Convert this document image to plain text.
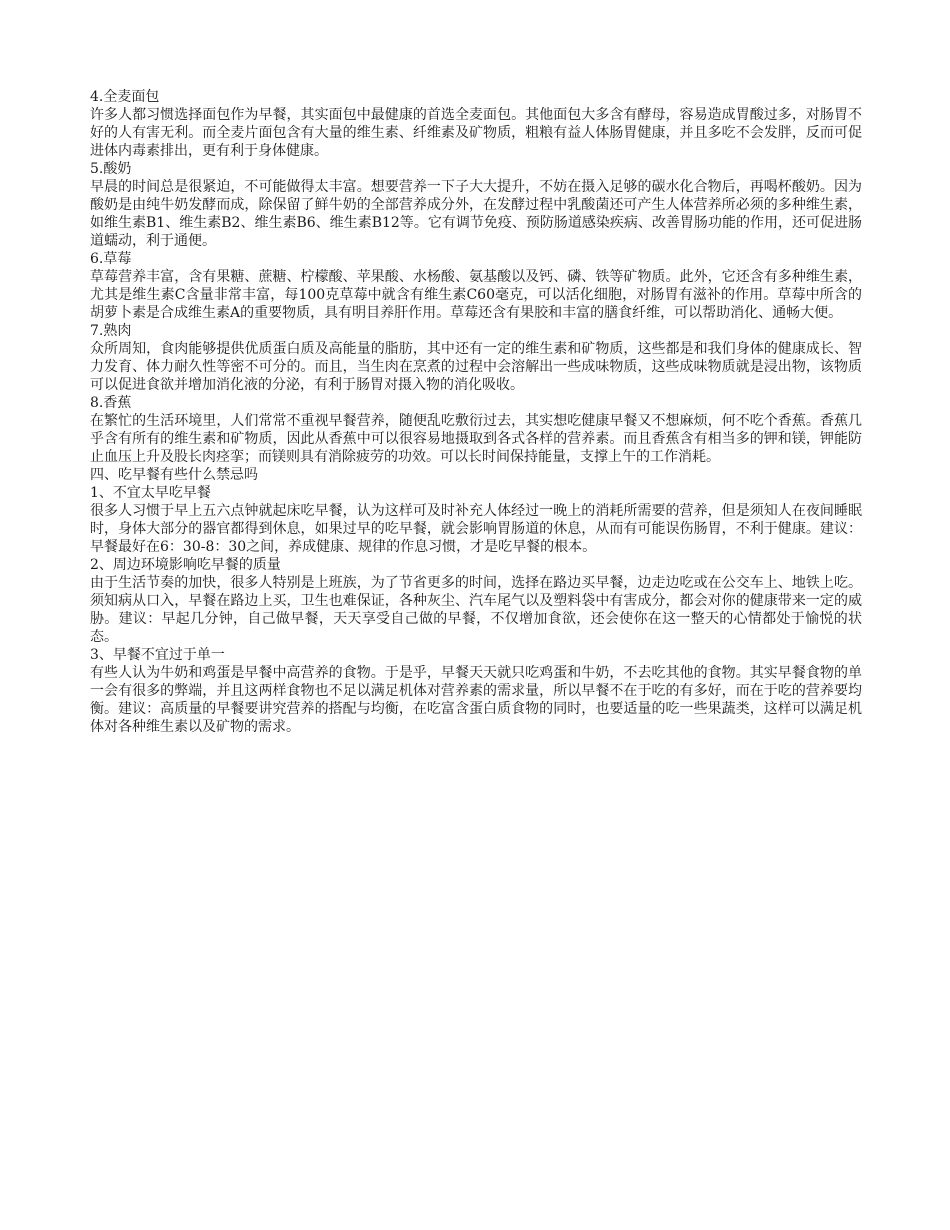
4.全麦面包

许多人都习惯选择面包作为早餐，其实面包中最健康的首选全麦面包。其他面包大多含有酵母，容易造成胃酸过多，对肠胃不好的人有害无利。而全麦片面包含有大量的维生素、纤维素及矿物质，粗粮有益人体肠胃健康，并且多吃不会发胖，反而可促进体内毒素排出，更有利于身体健康。

5.酸奶

早晨的时间总是很紧迫，不可能做得太丰富。想要营养一下子大大提升，不妨在摄入足够的碳水化合物后，再喝杯酸奶。因为酸奶是由纯牛奶发酵而成，除保留了鲜牛奶的全部营养成分外，在发酵过程中乳酸菌还可产生人体营养所必须的多种维生素，如维生素B1、维生素B2、维生素B6、维生素B12等。它有调节免疫、预防肠道感染疾病、改善胃肠功能的作用，还可促进肠道蠕动，利于通便。

6.草莓

草莓营养丰富，含有果糖、蔗糖、柠檬酸、苹果酸、水杨酸、氨基酸以及钙、磷、铁等矿物质。此外，它还含有多种维生素，尤其是维生素C含量非常丰富，每100克草莓中就含有维生素C60毫克，可以活化细胞，对肠胃有滋补的作用。草莓中所含的胡萝卜素是合成维生素A的重要物质，具有明目养肝作用。草莓还含有果胶和丰富的膳食纤维，可以帮助消化、通畅大便。

7.熟肉

众所周知，食肉能够提供优质蛋白质及高能量的脂肪，其中还有一定的维生素和矿物质，这些都是和我们身体的健康成长、智力发育、体力耐久性等密不可分的。而且，当生肉在烹煮的过程中会溶解出一些成味物质，这些成味物质就是浸出物，该物质可以促进食欲并增加消化液的分泌，有利于肠胃对摄入物的消化吸收。

8.香蕉

在繁忙的生活环境里，人们常常不重视早餐营养，随便乱吃敷衍过去，其实想吃健康早餐又不想麻烦，何不吃个香蕉。香蕉几乎含有所有的维生素和矿物质，因此从香蕉中可以很容易地摄取到各式各样的营养素。而且香蕉含有相当多的钾和镁，钾能防止血压上升及股长肉痉挛；而镁则具有消除疲劳的功效。可以长时间保持能量，支撑上午的工作消耗。

四、吃早餐有些什么禁忌吗

1、不宜太早吃早餐

很多人习惯于早上五六点钟就起床吃早餐，认为这样可及时补充人体经过一晚上的消耗所需要的营养，但是须知人在夜间睡眠时，身体大部分的器官都得到休息，如果过早的吃早餐，就会影响胃肠道的休息，从而有可能误伤肠胃，不利于健康。建议：早餐最好在6：30-8：30之间，养成健康、规律的作息习惯，才是吃早餐的根本。

2、周边环境影响吃早餐的质量

由于生活节奏的加快，很多人特别是上班族，为了节省更多的时间，选择在路边买早餐，边走边吃或在公交车上、地铁上吃。须知病从口入，早餐在路边上买，卫生也难保证，各种灰尘、汽车尾气以及塑料袋中有害成分，都会对你的健康带来一定的威胁。建议：早起几分钟，自己做早餐，天天享受自己做的早餐，不仅增加食欲，还会使你在这一整天的心情都处于愉悦的状态。

3、早餐不宜过于单一

有些人认为牛奶和鸡蛋是早餐中高营养的食物。于是乎，早餐天天就只吃鸡蛋和牛奶，不去吃其他的食物。其实早餐食物的单一会有很多的弊端，并且这两样食物也不足以满足机体对营养素的需求量，所以早餐不在于吃的有多好，而在于吃的营养要均衡。建议：高质量的早餐要讲究营养的搭配与均衡，在吃富含蛋白质食物的同时，也要适量的吃一些果蔬类，这样可以满足机体对各种维生素以及矿物的需求。
